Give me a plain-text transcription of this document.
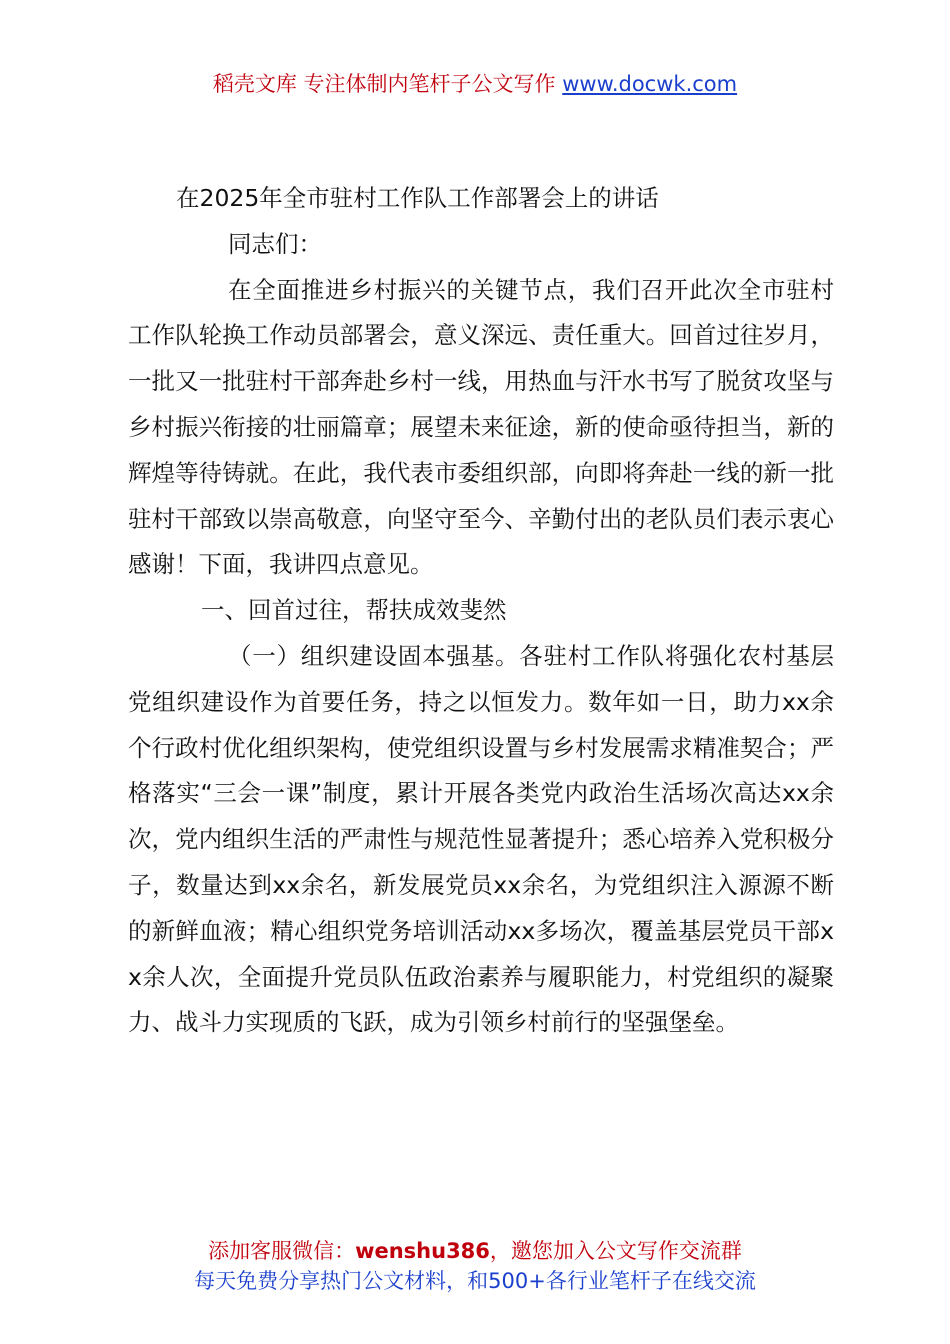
稻壳文库 专注体制内笔杆子公文写作 www.docwk.com

在2025年全市驻村工作队工作部署会上的讲话

同志们：

在全面推进乡村振兴的关键节点，我们召开此次全市驻村工作队轮换工作动员部署会，意义深远、责任重大。回首过往岁月，一批又一批驻村干部奔赴乡村一线，用热血与汗水书写了脱贫攻坚与乡村振兴衔接的壮丽篇章；展望未来征途，新的使命亟待担当，新的辉煌等待铸就。在此，我代表市委组织部，向即将奔赴一线的新一批驻村干部致以崇高敬意，向坚守至今、辛勤付出的老队员们表示衷心感谢！下面，我讲四点意见。

一、回首过往，帮扶成效斐然

（一）组织建设固本强基。各驻村工作队将强化农村基层党组织建设作为首要任务，持之以恒发力。数年如一日，助力xx余个行政村优化组织架构，使党组织设置与乡村发展需求精准契合；严格落实“三会一课”制度，累计开展各类党内政治生活场次高达xx余次，党内组织生活的严肃性与规范性显著提升；悉心培养入党积极分子，数量达到xx余名，新发展党员xx余名，为党组织注入源源不断的新鲜血液；精心组织党务培训活动xx多场次，覆盖基层党员干部xx余人次，全面提升党员队伍政治素养与履职能力，村党组织的凝聚力、战斗力实现质的飞跃，成为引领乡村前行的坚强堡垒。

添加客服微信：wenshu386，邀您加入公文写作交流群
每天免费分享热门公文材料，和500+各行业笔杆子在线交流
